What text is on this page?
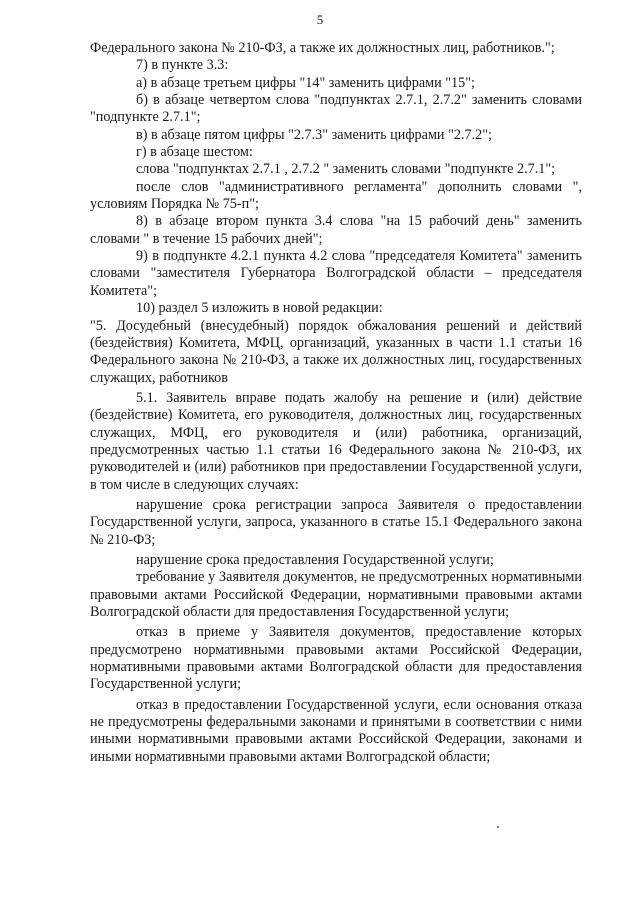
5

Федерального закона № 210-ФЗ, а также их должностных лиц, работников.";

7) в пункте 3.3:

а) в абзаце третьем цифры "14" заменить цифрами "15";

б) в абзаце четвертом слова "подпунктах 2.7.1, 2.7.2" заменить словами "подпункте 2.7.1";

в) в абзаце пятом цифры "2.7.3" заменить цифрами "2.7.2";

г) в абзаце шестом:

слова "подпунктах 2.7.1 , 2.7.2 " заменить словами "подпункте 2.7.1";

после слов "административного регламента" дополнить словами ", условиям Порядка № 75-п";

8) в абзаце втором пункта 3.4 слова "на 15 рабочий день" заменить словами " в течение 15 рабочих дней";

9) в подпункте 4.2.1 пункта 4.2 слова "председателя Комитета" заменить словами "заместителя Губернатора Волгоградской области – председателя Комитета";

10) раздел 5 изложить в новой редакции:

"5. Досудебный (внесудебный) порядок обжалования решений и действий (бездействия) Комитета, МФЦ, организаций, указанных в части 1.1 статьи 16 Федерального закона № 210-ФЗ, а также их должностных лиц, государственных служащих, работников

5.1. Заявитель вправе подать жалобу на решение и (или) действие (бездействие) Комитета, его руководителя, должностных лиц, государственных служащих, МФЦ, его руководителя и (или) работника, организаций, предусмотренных частью 1.1 статьи 16 Федерального закона № 210-ФЗ, их руководителей и (или) работников при предоставлении Государственной услуги, в том числе в следующих случаях:

нарушение срока регистрации запроса Заявителя о предоставлении Государственной услуги, запроса, указанного в статье 15.1 Федерального закона № 210-ФЗ;

нарушение срока предоставления Государственной услуги;

требование у Заявителя документов, не предусмотренных нормативными правовыми актами Российской Федерации, нормативными правовыми актами Волгоградской области для предоставления Государственной услуги;

отказ в приеме у Заявителя документов, предоставление которых предусмотрено нормативными правовыми актами Российской Федерации, нормативными правовыми актами Волгоградской области для предоставления Государственной услуги;

отказ в предоставлении Государственной услуги, если основания отказа не предусмотрены федеральными законами и принятыми в соответствии с ними иными нормативными правовыми актами Российской Федерации, законами и иными нормативными правовыми актами Волгоградской области;
